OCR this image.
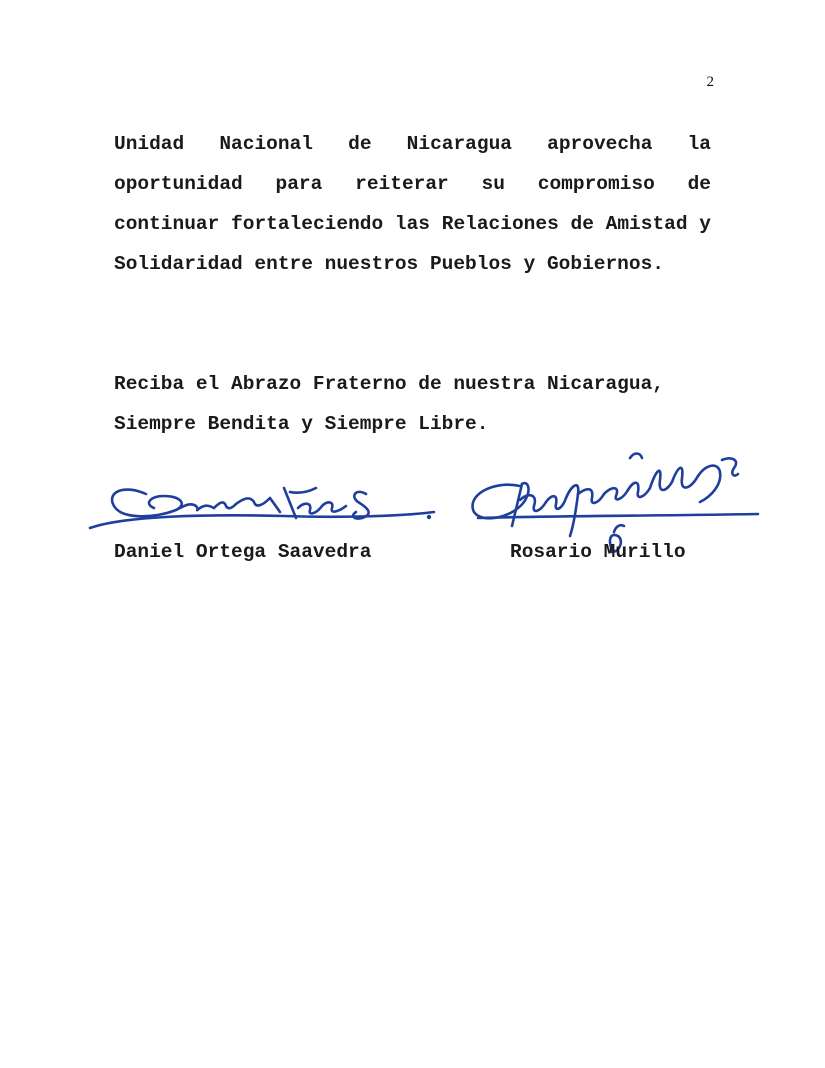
2

Unidad Nacional de Nicaragua aprovecha la oportunidad para reiterar su compromiso de continuar fortaleciendo las Relaciones de Amistad y Solidaridad entre nuestros Pueblos y Gobiernos.

Reciba el Abrazo Fraterno de nuestra Nicaragua,
Siempre Bendita y Siempre Libre.
Daniel Ortega Saavedra	Rosario Murillo
